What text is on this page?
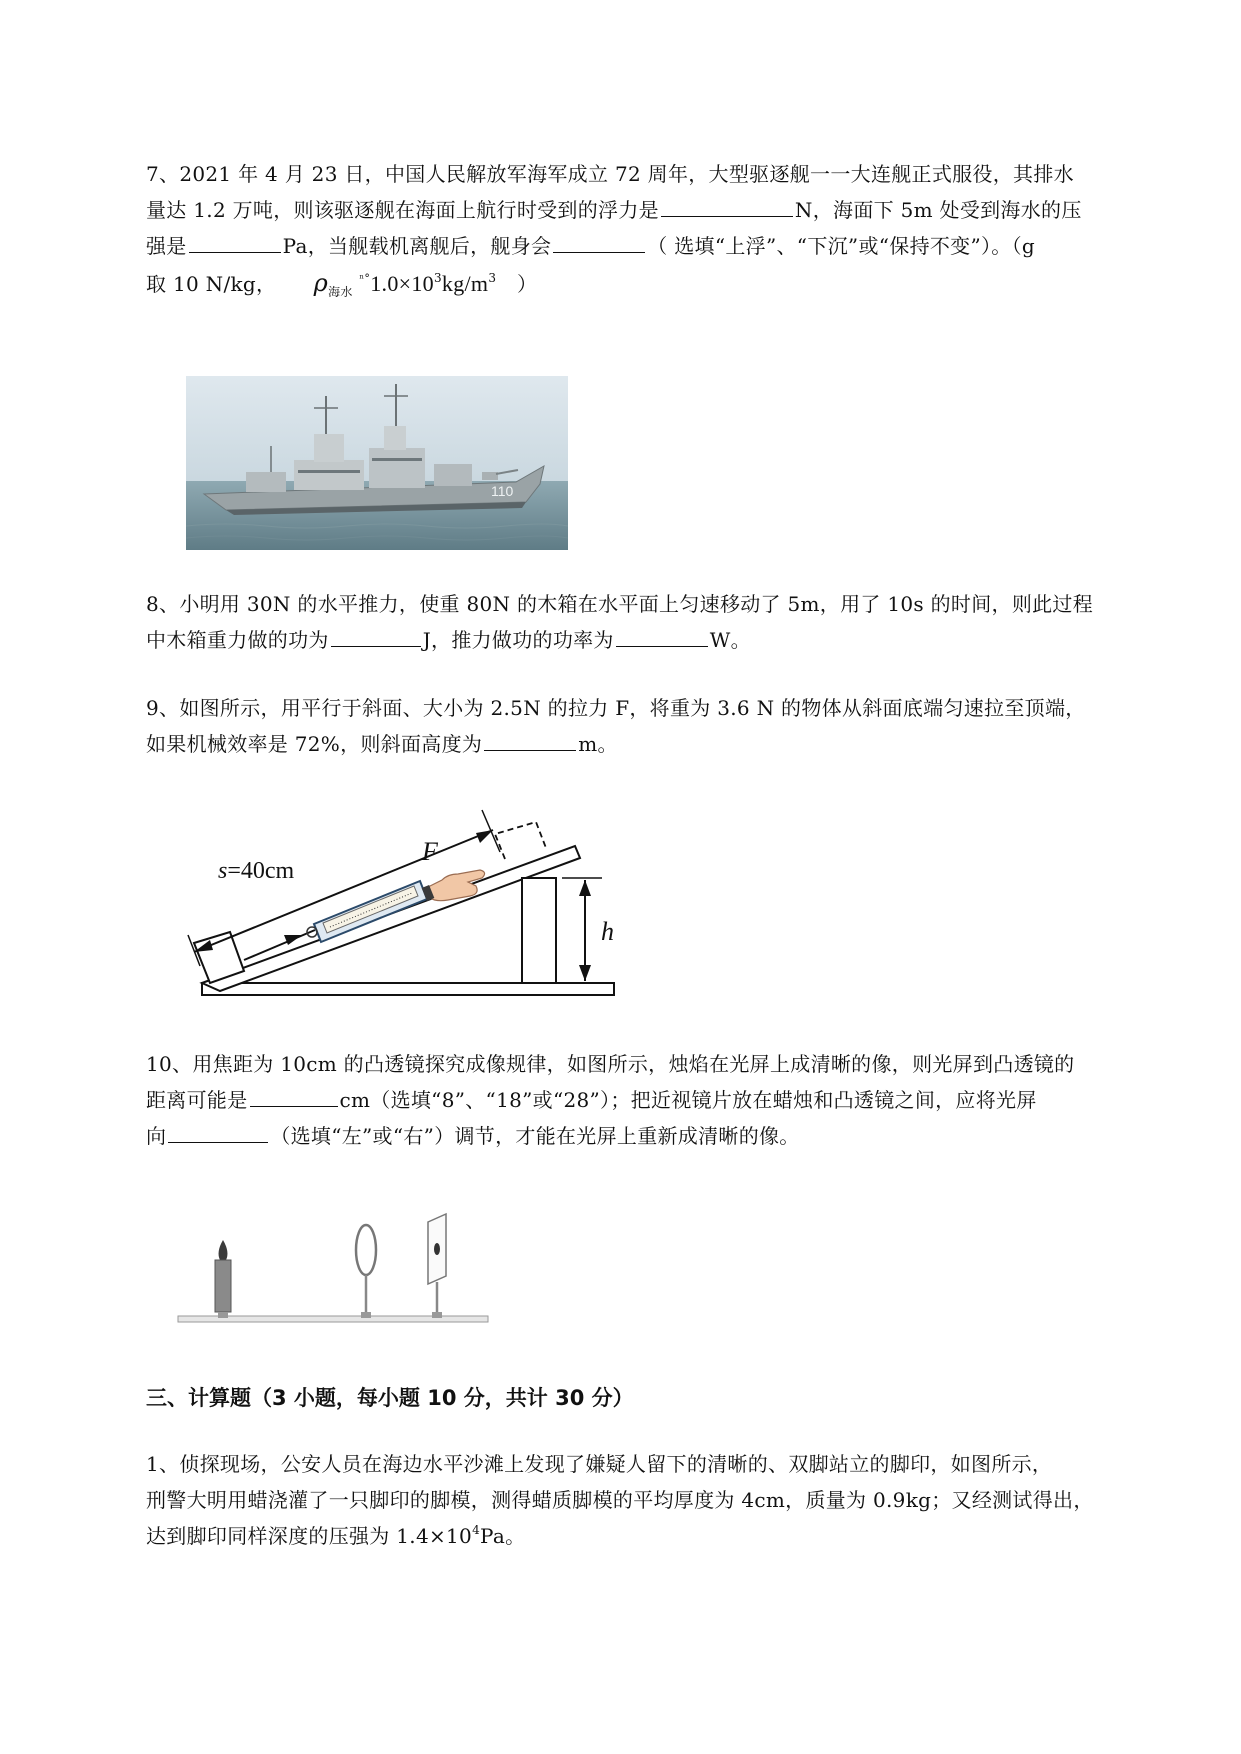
7、2021 年 4 月 23 日，中国人民解放军海军成立 72 周年，大型驱逐舰一一大连舰正式服役，其排水
量达 1.2 万吨，则该驱逐舰在海面上航行时受到的浮力是	N，海面下 5m 处受到海水的压
强是	Pa，当舰载机离舰后，舰身会	（ 选填“上浮”、“下沉”或“保持不变”）。（g
取 10 N/kg， $\rho_{海水}$ $^{^n^\circ}1.0\times 10^3kg/m^3$ ）
110
8、小明用 30N 的水平推力，使重 80N 的木箱在水平面上匀速移动了 5m，用了 10s 的时间，则此过程
中木箱重力做的功为	J，推力做功的功率为	W。
9、如图所示，用平行于斜面、大小为 2.5N 的拉力 F，将重为 3.6 N 的物体从斜面底端匀速拉至顶端，
如果机械效率是 72%，则斜面高度为	m。
s=40cm
F
h
10、用焦距为 10cm 的凸透镜探究成像规律，如图所示，烛焰在光屏上成清晰的像，则光屏到凸透镜的
距离可能是	cm（选填“8”、“18”或“28”）；把近视镜片放在蜡烛和凸透镜之间，应将光屏
向	（选填“左”或“右”）调节，才能在光屏上重新成清晰的像。
三、计算题（3 小题，每小题 10 分，共计 30 分）
1、侦探现场，公安人员在海边水平沙滩上发现了嫌疑人留下的清晰的、双脚站立的脚印，如图所示，
刑警大明用蜡浇灌了一只脚印的脚模，测得蜡质脚模的平均厚度为 4cm，质量为 0.9kg；又经测试得出，
达到脚印同样深度的压强为 $1.4\times 10^4Pa$。
